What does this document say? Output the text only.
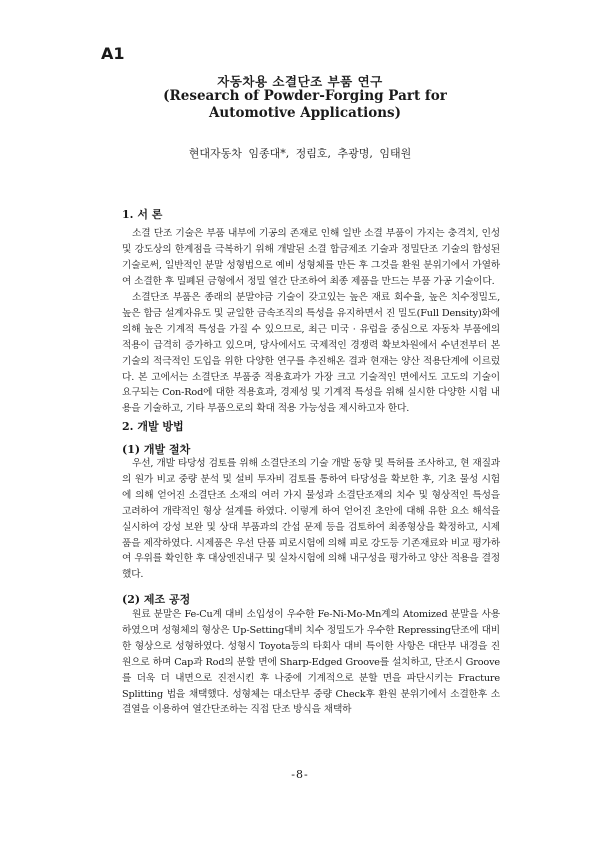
A1
자동차용 소결단조 부품 연구
(Research of Powder-Forging Part for Automotive Applications)
현대자동차 임종대*, 정림호, 추광명, 임태원
1. 서 론

소결 단조 기술은 부품 내부에 기공의 존재로 인해 일반 소결 부품이 가지는 충격치, 인성 및 강도상의 한계점을 극복하기 위해 개발된 소결 합금제조 기술과 정밀단조 기술의 합성된 기술로써, 일반적인 분말 성형법으로 예비 성형체를 만든 후 그것을 환원 분위기에서 가열하여 소결한 후 밀폐된 금형에서 정밀 열간 단조하여 최종 제품을 만드는 부품 가공 기술이다.

소결단조 부품은 종래의 분말야금 기술이 갖고있는 높은 재료 회수율, 높은 치수정밀도, 높은 합금 설계자유도 및 균일한 금속조직의 특성을 유지하면서 진 밀도(Full Density)화에 의해 높은 기계적 특성을 가질 수 있으므로, 최근 미국 · 유럽을 중심으로 자동차 부품에의 적용이 급격히 증가하고 있으며, 당사에서도 국제적인 경쟁력 확보차원에서 수년전부터 본 기술의 적극적인 도입을 위한 다양한 연구를 추진해온 결과 현재는 양산 적용단계에 이르렀다. 본 고에서는 소결단조 부품중 적용효과가 가장 크고 기술적인 면에서도 고도의 기술이 요구되는 Con-Rod에 대한 적용효과, 경제성 및 기계적 특성을 위해 실시한 다양한 시험 내용을 기술하고, 기타 부품으로의 확대 적용 가능성을 제시하고자 한다.

2. 개발 방법
(1) 개발 절차

우선, 개발 타당성 검토를 위해 소결단조의 기술 개발 동향 및 특허를 조사하고, 현 재질과의 원가 비교 중량 분석 및 설비 투자비 검토를 통하여 타당성을 확보한 후, 기초 물성 시험에 의해 얻어진 소결단조 소재의 여러 가지 물성과 소결단조재의 치수 및 형상적인 특성을 고려하여 개략적인 형상 설계를 하였다. 이렇게 하여 얻어진 초안에 대해 유한 요소 해석을 실시하여 강성 보완 및 상대 부품과의 간섭 문제 등을 검토하여 최종형상을 확정하고, 시제품을 제작하였다. 시제품은 우선 단품 피로시험에 의해 피로 강도등 기존재료와 비교 평가하여 우위를 확인한 후 대상엔진내구 및 실차시험에 의해 내구성을 평가하고 양산 적용을 결정했다.

(2) 제조 공정

원료 분말은 Fe-Cu계 대비 소입성이 우수한 Fe-Ni-Mo-Mn계의 Atomized 분말을 사용하였으며 성형체의 형상은 Up-Setting대비 치수 정밀도가 우수한 Repressing단조에 대비한 형상으로 성형하였다. 성형시 Toyota등의 타회사 대비 특이한 사항은 대단부 내경을 진원으로 하며 Cap과 Rod의 분할 면에 Sharp-Edged Groove를 설치하고, 단조시 Groove를 더욱 더 내면으로 진전시킨 후 나중에 기계적으로 분할 면을 파단시키는 Fracture Splitting 법을 채택했다. 성형체는 대소단부 중량 Check후 환원 분위기에서 소결한후 소결열을 이용하여 열간단조하는 직접 단조 방식을 채택하

-8-
